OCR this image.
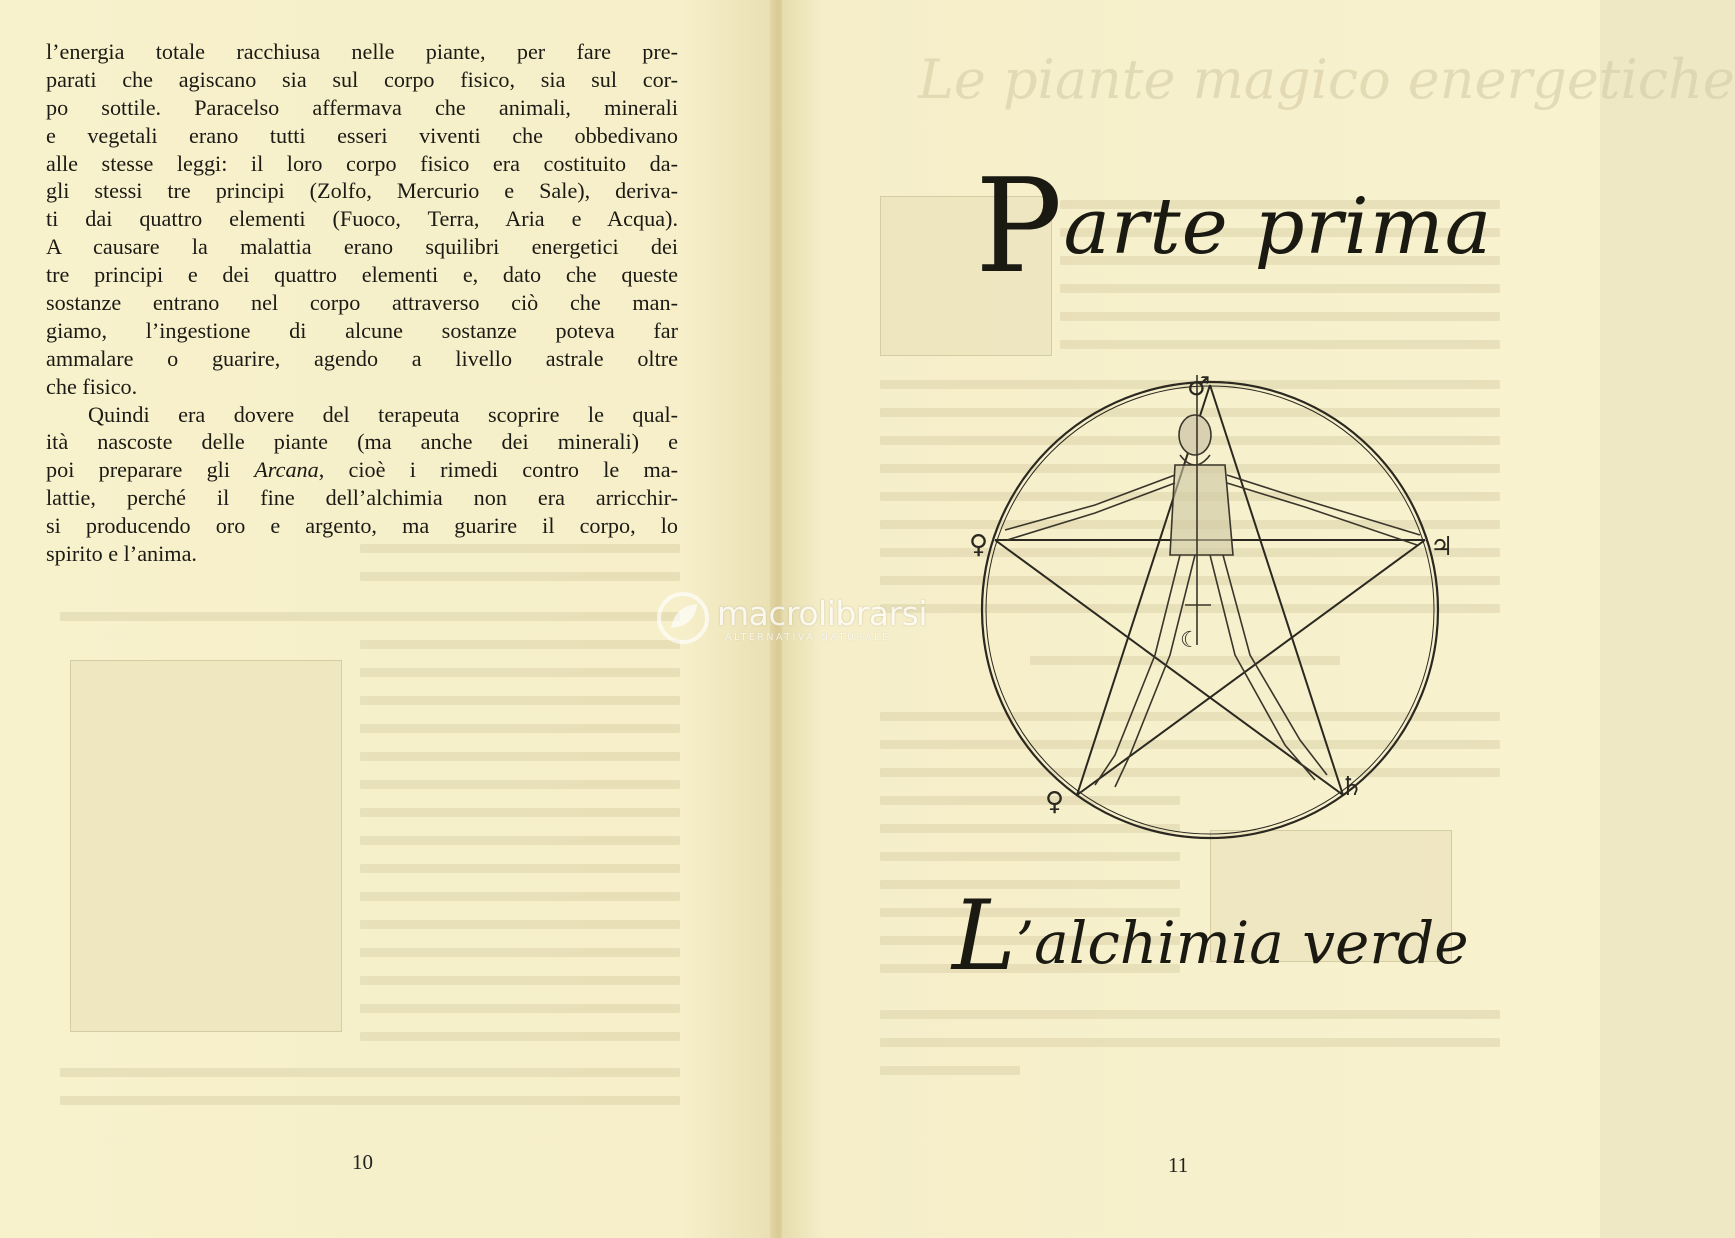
l’energia totale racchiusa nelle piante, per fare pre-
parati che agiscano sia sul corpo fisico, sia sul cor-
po sottile. Paracelso affermava che animali, minerali
e vegetali erano tutti esseri viventi che obbedivano
alle stesse leggi: il loro corpo fisico era costituito da-
gli stessi tre principi (Zolfo, Mercurio e Sale), deriva-
ti dai quattro elementi (Fuoco, Terra, Aria e Acqua).
A causare la malattia erano squilibri energetici dei
tre principi e dei quattro elementi e, dato che queste
sostanze entrano nel corpo attraverso ciò che man-
giamo, l’ingestione di alcune sostanze poteva far
ammalare o guarire, agendo a livello astrale oltre
che fisico.

Quindi era dovere del terapeuta scoprire le qual-
ità nascoste delle piante (ma anche dei minerali) e
poi preparare gli Arcana, cioè i rimedi contro le ma-
lattie, perché il fine dell’alchimia non era arricchir-
si producendo oro e argento, ma guarire il corpo, lo
spirito e l’anima.

10
Le piante magico energetiche
Parte prima
♂
♀	♃
♀	♄
☾
L’alchimia verde
11
macrolibrarsi
ALTERNATIVA NATURALE
